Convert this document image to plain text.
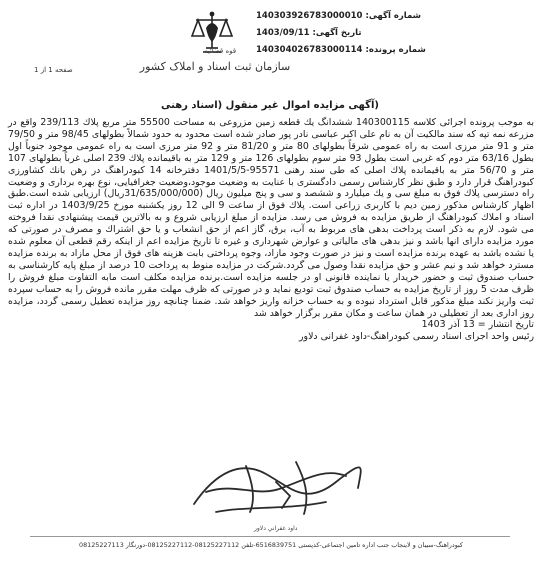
قوه قضائیه
سازمان ثبت اسناد و املاک کشور
شماره آگهی: 140303926783000010
تاریخ آگهی: 1403/09/11
شماره پرونده: 140304026783000114
صفحه 1 از 1
(آگهی مزایده اموال غیر منقول (اسناد رهنی

به موجب پرونده اجرائی کلاسه 140300115 ششدانگ یك قطعه زمین مزروعی به مساحت 55500 متر مربع پلاك 239/113 واقع در مزرعه نمه تپه که سند مالکیت آن به نام علی اکبر عباسی نادر پور صادر شده است محدود به حدود شمالاً بطولهای 98/45 متر و 79/50 متر و 91 متر مرزی است به راه عمومی شرقاً بطولهای 80 متر و 81/20 متر و 92 متر مرزی است به راه عمومی موجود جنوباً اول بطول 63/16 متر دوم که غربی است بطول 93 متر سوم بطولهای 126 متر و 129 متر به باقیمانده پلاك 239 اصلی غرباً بطولهای 107 متر و 56/70 متر به باقیمانده پلاك اصلی که طی سند رهنی 95571-1401/5/5 دفترخانه 14 کبودراهنگ در رهن بانك کشاورزی کبودراهنگ قرار دارد و طبق نظر کارشناس رسمی دادگستری با عنایت به وضعیت موجود،وضعیت جغرافیایی، نوع بهره برداری و وضعیت راه دسترسی پلاك فوق به مبلغ سی و یك میلیارد و ششصد و سی و پنج میلیون ریال (31/635/000/000ریال) ارزیابی شده است.طبق اظهار کارشناس مذکور زمین دیم با کاربری زراعی است. پلاك فوق از ساعت 9 الی 12 روز یکشنبه مورخ 1403/9/25 در اداره ثبت اسناد و املاك کبودراهنگ از طریق مزایده به فروش می رسد. مزایده از مبلغ ارزیابی شروع و به بالاترین قیمت پیشنهادی نقدا فروخته می شود. لازم به ذکر است پرداخت بدهی های مربوط به آب، برق، گاز اعم از حق انشعاب و یا حق اشتراك و مصرف در صورتی که مورد مزایده دارای انها باشد و نیز بدهی های مالیاتی و عوارض شهرداری و غیره تا تاریخ مزایده اعم از اینکه رقم قطعی آن معلوم شده یا نشده باشد به عهده برنده مزایده است و نیز در صورت وجود مازاد، وجوه پرداختی بابت هزینه های فوق از محل مازاد به برنده مزایده مسترد خواهد شد و نیم عشر و حق مزایده نقدا وصول می گردد.شرکت در مزایده منوط به پرداخت 10 درصد از مبلغ پایه کارشناسی به حساب صندوق ثبت و حضور خریدار یا نماینده قانونی او در جلسه مزایده است.برنده مزایده مکلف است مابه التفاوت مبلغ فروش را ظرف مدت 5 روز از تاریخ مزایده به حساب صندوق ثبت توديع نماید و در صورتی که ظرف مهلت مقرر مانده فروش را به حساب سپرده ثبت واریز نکند مبلغ مذکور قابل استرداد نبوده و به حساب خزانه واریز خواهد شد. ضمنا چنانچه روز مزایده تعطیل رسمی گردد، مزایده روز اداری بعد از تعطیلی در همان ساعت و مکان مقرر برگزار خواهد شد

تاریخ انتشار = 13 آذر 1403

رئیس واحد اجرای اسناد رسمی کبودراهنگ-داود غفرانی دلاور

داود غفراني دلاور
کبودراهنگ-سیبان و لاینجاب جنب اداره تامین اجتماعی-کدپستی 6516839751-تلفن 08125227112-08125227112-دورنگار 08125227113
